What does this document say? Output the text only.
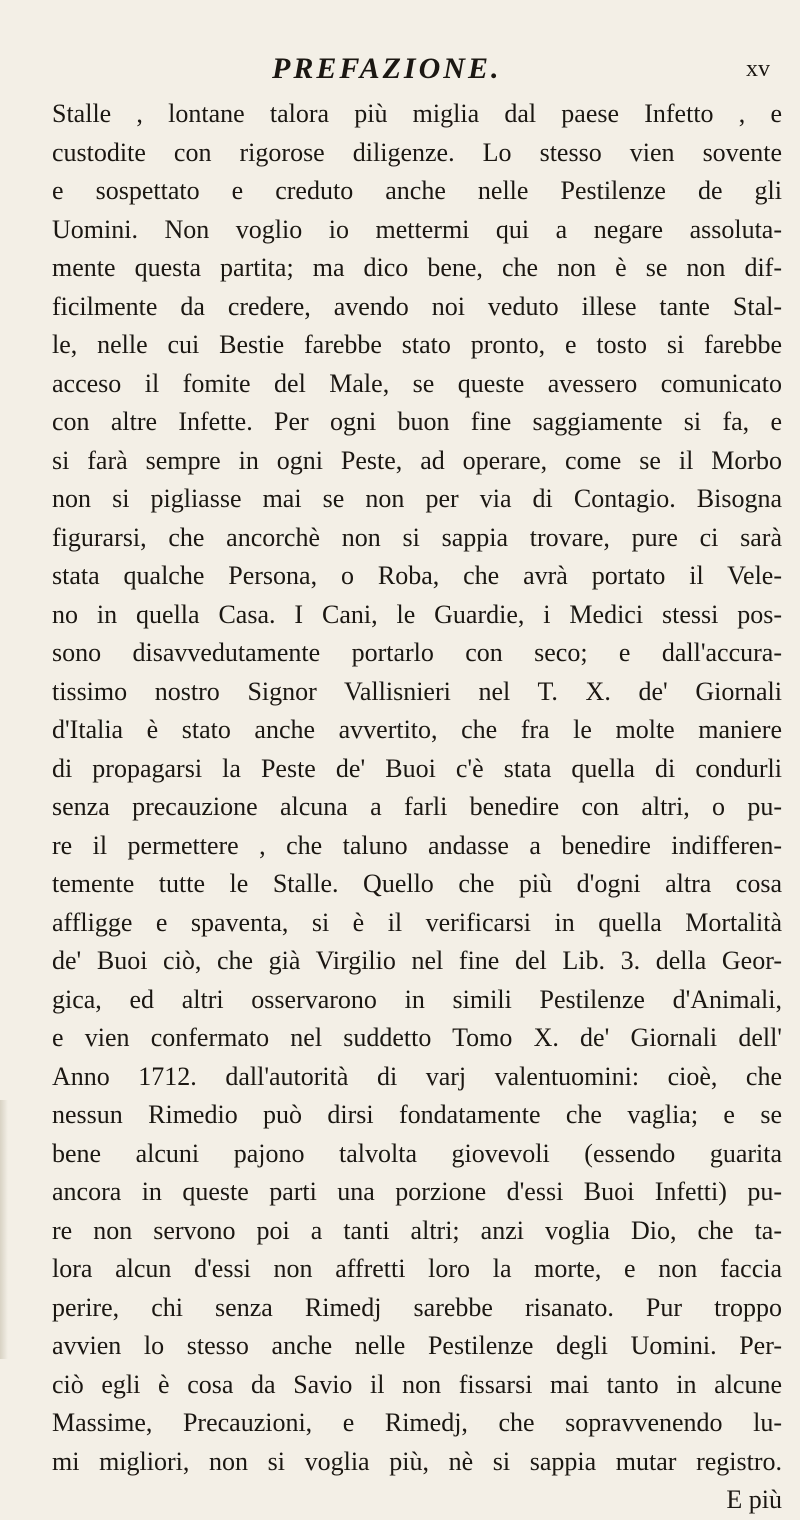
PREFAZIONE.	xv
Stalle , lontane talora più miglia dal paese Infetto , e
custodite con rigorose diligenze. Lo stesso vien sovente
e sospettato e creduto anche nelle Pestilenze de gli
Uomini. Non voglio io mettermi qui a negare assoluta-
mente questa partita; ma dico bene, che non è se non dif-
ficilmente da credere, avendo noi veduto illese tante Stal-
le, nelle cui Bestie farebbe stato pronto, e tosto si farebbe
acceso il fomite del Male, se queste avessero comunicato
con altre Infette. Per ogni buon fine saggiamente si fa, e
si farà sempre in ogni Peste, ad operare, come se il Morbo
non si pigliasse mai se non per via di Contagio. Bisogna
figurarsi, che ancorchè non si sappia trovare, pure ci sarà
stata qualche Persona, o Roba, che avrà portato il Vele-
no in quella Casa. I Cani, le Guardie, i Medici stessi pos-
sono disavvedutamente portarlo con seco; e dall'accura-
tissimo nostro Signor Vallisnieri nel T. X. de' Giornali
d'Italia è stato anche avvertito, che fra le molte maniere
di propagarsi la Peste de' Buoi c'è stata quella di condurli
senza precauzione alcuna a farli benedire con altri, o pu-
re il permettere , che taluno andasse a benedire indifferen-
temente tutte le Stalle. Quello che più d'ogni altra cosa
affligge e spaventa, si è il verificarsi in quella Mortalità
de' Buoi ciò, che già Virgilio nel fine del Lib. 3. della Geor-
gica, ed altri osservarono in simili Pestilenze d'Animali,
e vien confermato nel suddetto Tomo X. de' Giornali dell'
Anno 1712. dall'autorità di varj valentuomini: cioè, che
nessun Rimedio può dirsi fondatamente che vaglia; e se
bene alcuni pajono talvolta giovevoli (essendo guarita
ancora in queste parti una porzione d'essi Buoi Infetti) pu-
re non servono poi a tanti altri; anzi voglia Dio, che ta-
lora alcun d'essi non affretti loro la morte, e non faccia
perire, chi senza Rimedj sarebbe risanato. Pur troppo
avvien lo stesso anche nelle Pestilenze degli Uomini. Per-
ciò egli è cosa da Savio il non fissarsi mai tanto in alcune
Massime, Precauzioni, e Rimedj, che sopravvenendo lu-
mi migliori, non si voglia più, nè si sappia mutar registro.
E più
